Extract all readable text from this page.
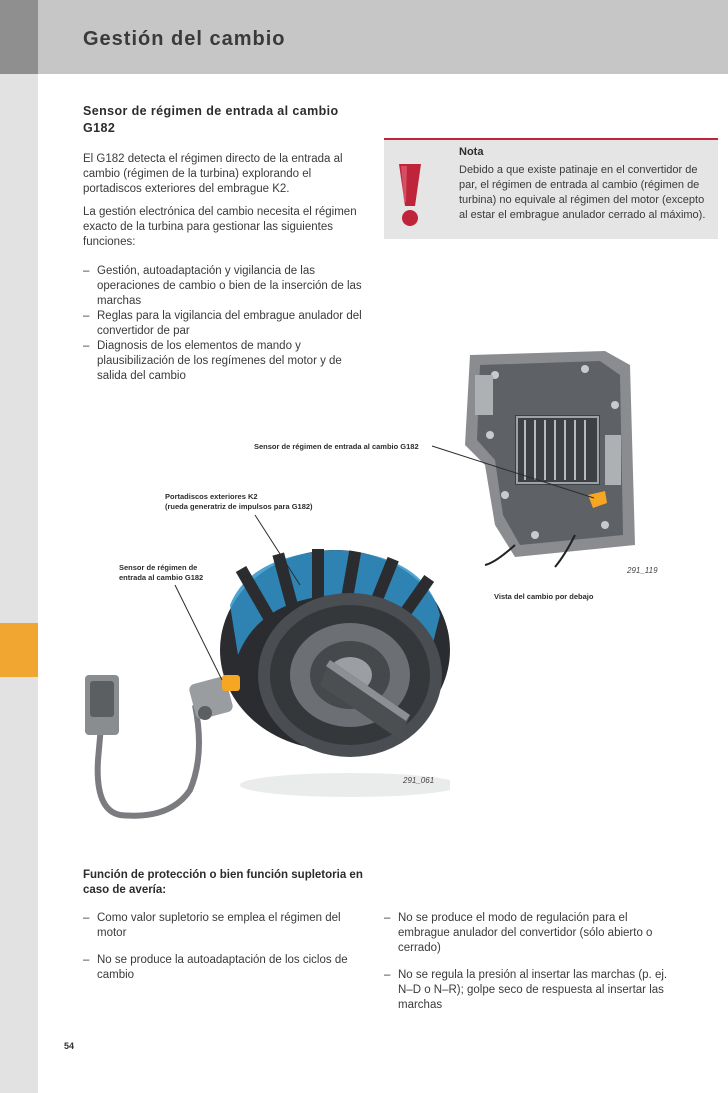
Gestión del cambio
Sensor de régimen de entrada al cambio G182
El G182 detecta el régimen directo de la entrada al cambio (régimen de la turbina) explorando el portadiscos exteriores del embrague K2.
La gestión electrónica del cambio necesita el régimen exacto de la turbina para gestionar las siguientes funciones:
– Gestión, autoadaptación y vigilancia de las operaciones de cambio o bien de la inserción de las marchas
– Reglas para la vigilancia del embrague anulador del convertidor de par
– Diagnosis de los elementos de mando y plausibilización de los regímenes del motor y de salida del cambio
Nota
Debido a que existe patinaje en el convertidor de par, el régimen de entrada al cambio (régimen de turbina) no equivale al régimen del motor (excepto al estar el embrague anulador cerrado al máximo).
Sensor de régimen de entrada al cambio G182
291_119
Vista del cambio por debajo
Portadiscos exteriores K2
(rueda generatriz de impulsos para G182)
Sensor de régimen de
entrada al cambio G182
291_061
Función de protección o bien función supletoria en caso de avería:
– Como valor supletorio se emplea el régimen del motor
– No se produce la autoadaptación de los ciclos de cambio
– No se produce el modo de regulación para el embrague anulador del convertidor (sólo abierto o cerrado)
– No se regula la presión al insertar las marchas (p. ej. N–D o N–R); golpe seco de respuesta al insertar las marchas
54
